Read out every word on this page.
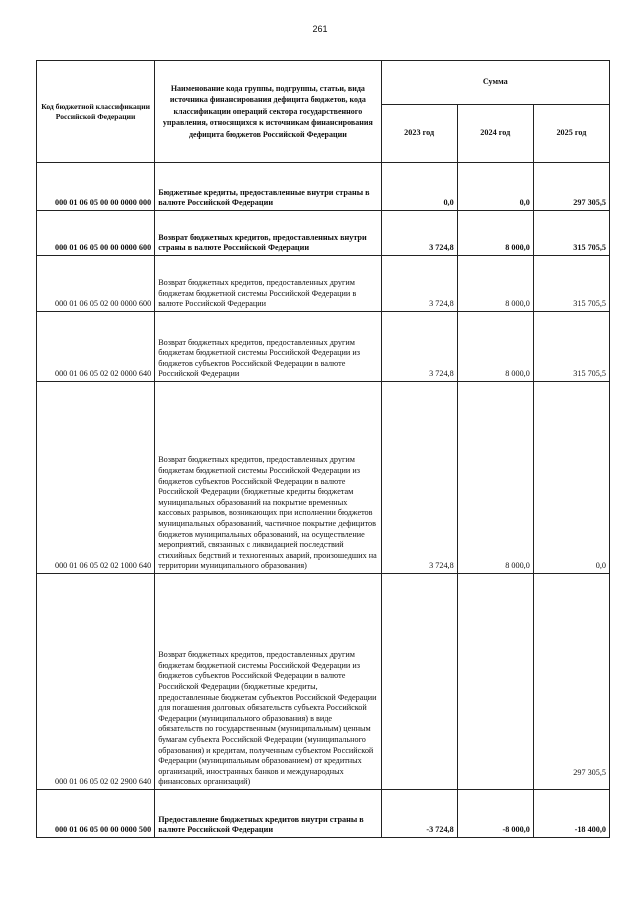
261
Код бюджетной классификации Российской Федерации	Наименование кода группы, подгруппы, статьи, вида источника финансирования дефицита бюджетов, кода классификации операций сектора государственного управления, относящихся к источникам финансирования дефицита бюджетов Российской Федерации	Сумма		
		2023 год	2024 год	2025 год
000 01 06 05 00 00 0000 000	Бюджетные кредиты, предоставленные внутри страны в валюте Российской Федерации	0,0	0,0	297 305,5
000 01 06 05 00 00 0000 600	Возврат бюджетных кредитов, предоставленных внутри страны в валюте Российской Федерации	3 724,8	8 000,0	315 705,5
000 01 06 05 02 00 0000 600	Возврат бюджетных кредитов, предоставленных другим бюджетам бюджетной системы Российской Федерации в валюте Российской Федерации	3 724,8	8 000,0	315 705,5
000 01 06 05 02 02 0000 640	Возврат бюджетных кредитов, предоставленных другим бюджетам бюджетной системы Российской Федерации из бюджетов субъектов Российской Федерации в валюте Российской Федерации	3 724,8	8 000,0	315 705,5
000 01 06 05 02 02 1000 640	Возврат бюджетных кредитов, предоставленных другим бюджетам бюджетной системы Российской Федерации из бюджетов субъектов Российской Федерации в валюте Российской Федерации (бюджетные кредиты бюджетам муниципальных образований на покрытие временных кассовых разрывов, возникающих при исполнении бюджетов муниципальных образований, частичное покрытие дефицитов бюджетов муниципальных образований, на осуществление мероприятий, связанных с ликвидацией последствий стихийных бедствий и техногенных аварий, произошедших на территории муниципального образования)	3 724,8	8 000,0	0,0
000 01 06 05 02 02 2900 640	Возврат бюджетных кредитов, предоставленных другим бюджетам бюджетной системы Российской Федерации из бюджетов субъектов Российской Федерации в валюте Российской Федерации (бюджетные кредиты, предоставленные бюджетам субъектов Российской Федерации для погашения долговых обязательств субъекта Российской Федерации (муниципального образования) в виде обязательств по государственным (муниципальным) ценным бумагам субъекта Российской Федерации (муниципального образования) и кредитам, полученным субъектом Российской Федерации (муниципальным образованием) от кредитных организаций, иностранных банков и международных финансовых организаций)			297 305,5
000 01 06 05 00 00 0000 500	Предоставление бюджетных кредитов внутри страны в валюте Российской Федерации	-3 724,8	-8 000,0	-18 400,0
